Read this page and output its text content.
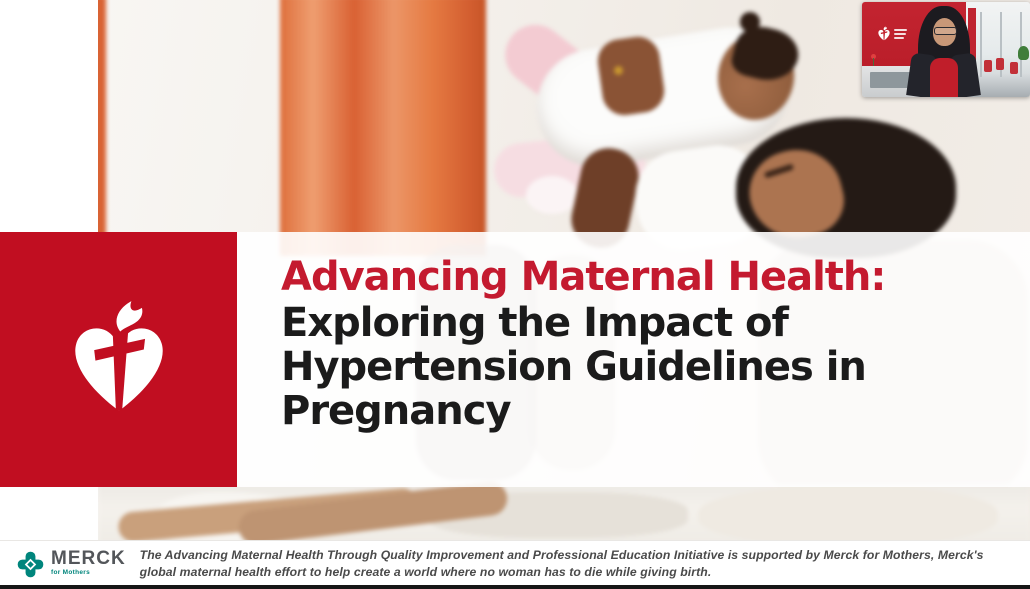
Advancing Maternal Health:
Exploring the Impact of
Hypertension Guidelines in
Pregnancy
MERCK
for Mothers
The Advancing Maternal Health Through Quality Improvement and Professional Education Initiative is supported by Merck for Mothers, Merck's
global maternal health effort to help create a world where no woman has to die while giving birth.
